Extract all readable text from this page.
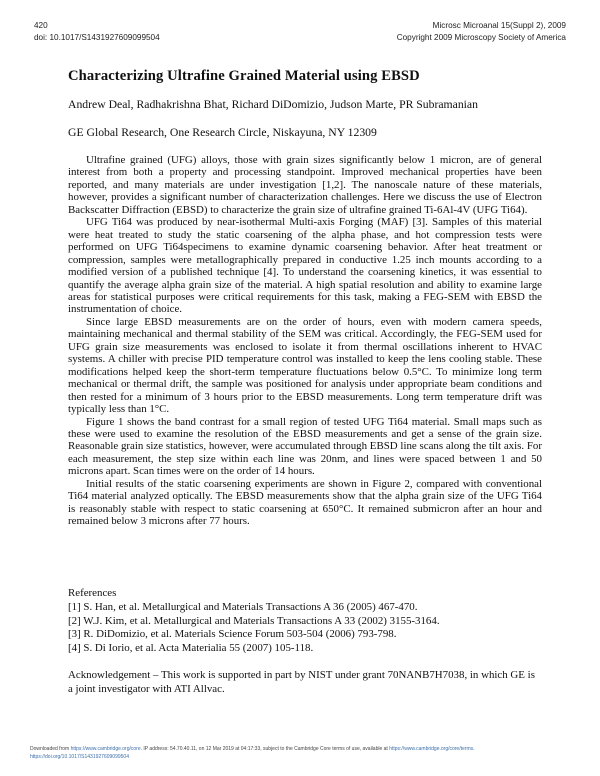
420
doi: 10.1017/S1431927609099504
Microsc Microanal 15(Suppl 2), 2009
Copyright 2009 Microscopy Society of America
Characterizing Ultrafine Grained Material using EBSD
Andrew Deal, Radhakrishna Bhat, Richard DiDomizio, Judson Marte, PR Subramanian
GE Global Research, One Research Circle, Niskayuna, NY 12309

Ultrafine grained (UFG) alloys, those with grain sizes significantly below 1 micron, are of general interest from both a property and processing standpoint. Improved mechanical properties have been reported, and many materials are under investigation [1,2]. The nanoscale nature of these materials, however, provides a significant number of characterization challenges. Here we discuss the use of Electron Backscatter Diffraction (EBSD) to characterize the grain size of ultrafine grained Ti-6Al-4V (UFG Ti64).

UFG Ti64 was produced by near-isothermal Multi-axis Forging (MAF) [3]. Samples of this material were heat treated to study the static coarsening of the alpha phase, and hot compression tests were performed on UFG Ti64specimens to examine dynamic coarsening behavior. After heat treatment or compression, samples were metallographically prepared in conductive 1.25 inch mounts according to a modified version of a published technique [4]. To understand the coarsening kinetics, it was essential to quantify the average alpha grain size of the material. A high spatial resolution and ability to examine large areas for statistical purposes were critical requirements for this task, making a FEG-SEM with EBSD the instrumentation of choice.

Since large EBSD measurements are on the order of hours, even with modern camera speeds, maintaining mechanical and thermal stability of the SEM was critical. Accordingly, the FEG-SEM used for UFG grain size measurements was enclosed to isolate it from thermal oscillations inherent to HVAC systems. A chiller with precise PID temperature control was installed to keep the lens cooling stable. These modifications helped keep the short-term temperature fluctuations below 0.5°C. To minimize long term mechanical or thermal drift, the sample was positioned for analysis under appropriate beam conditions and then rested for a minimum of 3 hours prior to the EBSD measurements. Long term temperature drift was typically less than 1°C.

Figure 1 shows the band contrast for a small region of tested UFG Ti64 material. Small maps such as these were used to examine the resolution of the EBSD measurements and get a sense of the grain size. Reasonable grain size statistics, however, were accumulated through EBSD line scans along the tilt axis. For each measurement, the step size within each line was 20nm, and lines were spaced between 1 and 50 microns apart. Scan times were on the order of 14 hours.

Initial results of the static coarsening experiments are shown in Figure 2, compared with conventional Ti64 material analyzed optically. The EBSD measurements show that the alpha grain size of the UFG Ti64 is reasonably stable with respect to static coarsening at 650°C. It remained submicron after an hour and remained below 3 microns after 77 hours.

References
[1] S. Han, et al. Metallurgical and Materials Transactions A 36 (2005) 467-470.
[2] W.J. Kim, et al. Metallurgical and Materials Transactions A 33 (2002) 3155-3164.
[3] R. DiDomizio, et al. Materials Science Forum 503-504 (2006) 793-798.
[4] S. Di Iorio, et al. Acta Materialia 55 (2007) 105-118.
Acknowledgement – This work is supported in part by NIST under grant 70NANB7H7038, in which GE is a joint investigator with ATI Allvac.
Downloaded from https://www.cambridge.org/core. IP address: 54.70.40.11, on 12 Mar 2019 at 04:17:33, subject to the Cambridge Core terms of use, available at https://www.cambridge.org/core/terms.
https://doi.org/10.1017/S1431927609099504
